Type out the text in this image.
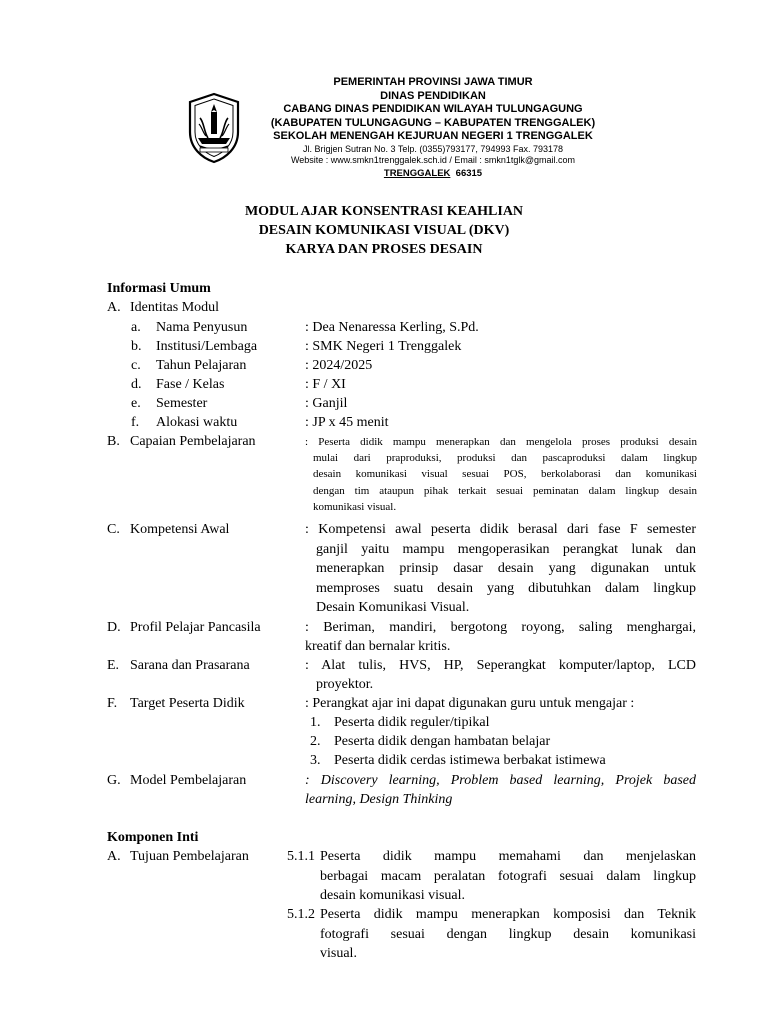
PEMERINTAH PROVINSI JAWA TIMUR
DINAS PENDIDIKAN
CABANG DINAS PENDIDIKAN WILAYAH TULUNGAGUNG
(KABUPATEN TULUNGAGUNG – KABUPATEN TRENGGALEK)
SEKOLAH MENENGAH KEJURUAN NEGERI 1 TRENGGALEK
Jl. Brigjen Sutran No. 3 Telp. (0355)793177, 794993 Fax. 793178
Website : www.smkn1trenggalek.sch.id / Email : smkn1tglk@gmail.com
TRENGGALEK 66315
MODUL AJAR KONSENTRASI KEAHLIAN
DESAIN KOMUNIKASI VISUAL (DKV)
KARYA DAN PROSES DESAIN
Informasi Umum
A. Identitas Modul
a. Nama Penyusun	: Dea Nenaressa Kerling, S.Pd.
b. Institusi/Lembaga	: SMK Negeri 1 Trenggalek
c. Tahun Pelajaran	: 2024/2025
d. Fase / Kelas	: F / XI
e. Semester	: Ganjil
f. Alokasi waktu	: JP x 45 menit
B. Capaian Pembelajaran	: Peserta didik mampu menerapkan dan mengelola proses produksi desain
mulai dari praproduksi, produksi dan pascaproduksi dalam lingkup
desain komunikasi visual sesuai POS, berkolaborasi dan komunikasi
dengan tim ataupun pihak terkait sesuai peminatan dalam lingkup desain
komunikasi visual.
C. Kompetensi Awal	: Kompetensi awal peserta didik berasal dari fase F semester
ganjil yaitu mampu mengoperasikan perangkat lunak dan
menerapkan prinsip dasar desain yang digunakan untuk
memproses suatu desain yang dibutuhkan dalam lingkup
Desain Komunikasi Visual.
D. Profil Pelajar Pancasila	: Beriman, mandiri, bergotong royong, saling menghargai,
kreatif dan bernalar kritis.
E. Sarana dan Prasarana	: Alat tulis, HVS, HP, Seperangkat komputer/laptop, LCD
proyektor.
F. Target Peserta Didik	: Perangkat ajar ini dapat digunakan guru untuk mengajar :
1. Peserta didik reguler/tipikal
2. Peserta didik dengan hambatan belajar
3. Peserta didik cerdas istimewa berbakat istimewa
G. Model Pembelajaran	: Discovery learning, Problem based learning, Projek based
learning, Design Thinking
Komponen Inti
A. Tujuan Pembelajaran	5.1.1 Peserta didik mampu memahami dan menjelaskan
berbagai macam peralatan fotografi sesuai dalam lingkup
desain komunikasi visual.
5.1.2 Peserta didik mampu menerapkan komposisi dan Teknik
fotografi sesuai dengan lingkup desain komunikasi
visual.
